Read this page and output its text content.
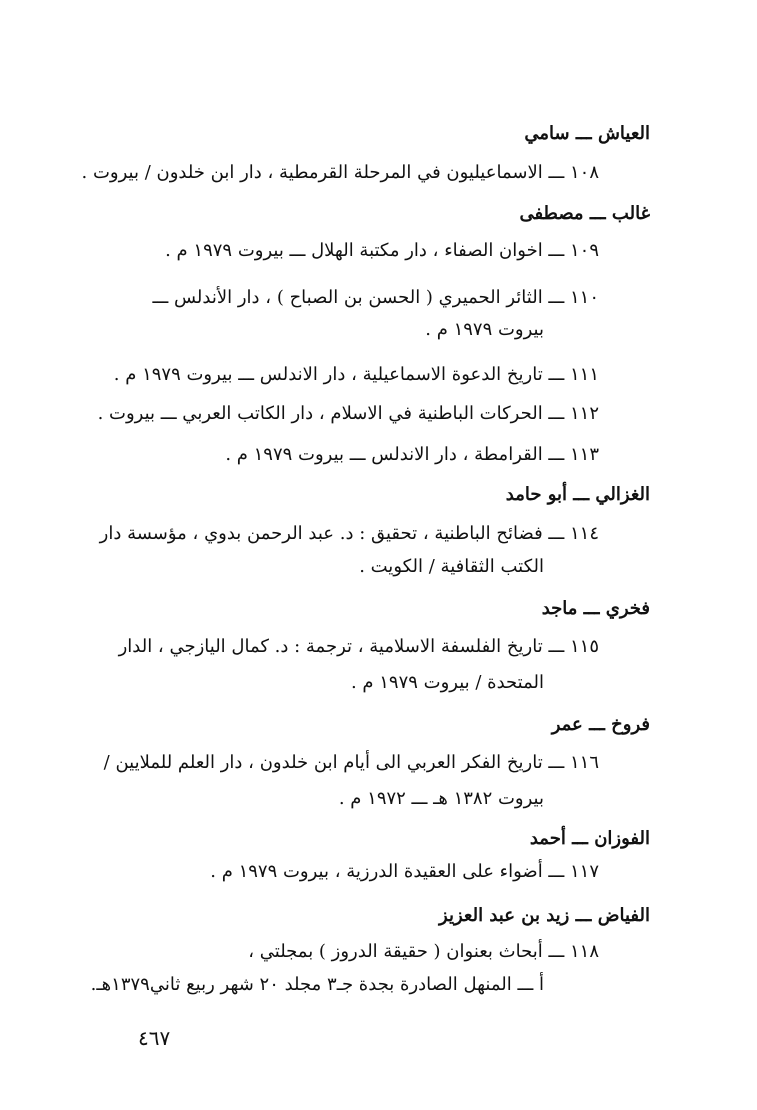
العياش ـــ سامي
١٠٨ ـــ الاسماعيليون في المرحلة القرمطية ، دار ابن خلدون / بيروت .
غالب ـــ مصطفى
١٠٩ ـــ اخوان الصفاء ، دار مكتبة الهلال ـــ بيروت ١٩٧٩ م .
١١٠ ـــ الثائر الحميري ( الحسن بن الصباح ) ، دار الأندلس ـــ
بيروت ١٩٧٩ م .
١١١ ـــ تاريخ الدعوة الاسماعيلية ، دار الاندلس ـــ بيروت ١٩٧٩ م .
١١٢ ـــ الحركات الباطنية في الاسلام ، دار الكاتب العربي ـــ بيروت .
١١٣ ـــ القرامطة ، دار الاندلس ـــ بيروت ١٩٧٩ م .
الغزالي ـــ أبو حامد
١١٤ ـــ فضائح الباطنية ، تحقيق : د. عبد الرحمن بدوي ، مؤسسة دار
الكتب الثقافية / الكويت .
فخري ـــ ماجد
١١٥ ـــ تاريخ الفلسفة الاسلامية ، ترجمة : د. كمال اليازجي ، الدار
المتحدة / بيروت ١٩٧٩ م .
فروخ ـــ عمر
١١٦ ـــ تاريخ الفكر العربي الى أيام ابن خلدون ، دار العلم للملايين /
بيروت ١٣٨٢ هـ ـــ ١٩٧٢ م .
الفوزان ـــ أحمد
١١٧ ـــ أضواء على العقيدة الدرزية ، بيروت ١٩٧٩ م .
الفياض ـــ زيد بن عبد العزيز
١١٨ ـــ أبحاث بعنوان ( حقيقة الدروز ) بمجلتي ،
أ ـــ المنهل الصادرة بجدة جـ٣ مجلد ٢٠ شهر ربيع ثاني١٣٧٩هـ.
٤٦٧
